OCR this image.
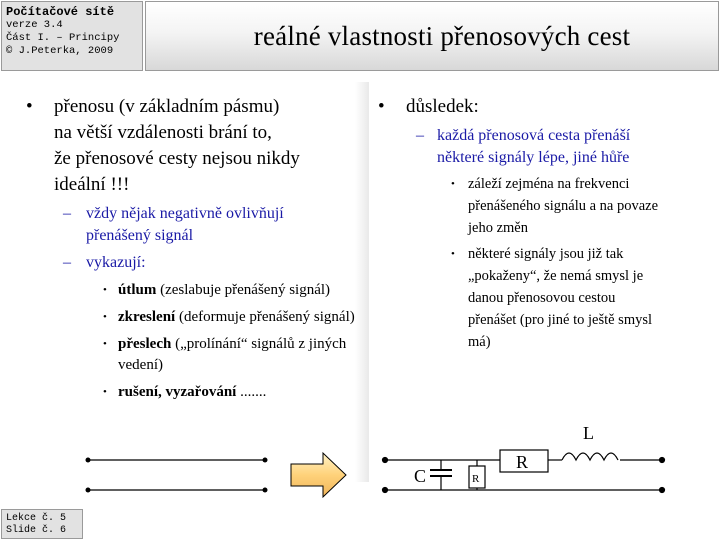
Počítačové sítě
verze 3.4
Část I. – Principy
© J.Peterka, 2009
reálné vlastnosti přenosových cest
• přenosu (v základním pásmu)
na větší vzdálenosti brání to,
že přenosové cesty nejsou nikdy
ideální !!!
– vždy nějak negativně ovlivňují
přenášený signál
– vykazují:
• útlum (zeslabuje přenášený signál)
• zkreslení (deformuje přenášený signál)
• přeslech („prolínání“ signálů z jiných vedení)
• rušení, vyzařování .......
• důsledek:
– každá přenosová cesta přenáší
některé signály lépe, jiné hůře
• záleží zejména na frekvenci
přenášeného signálu a na povaze
jeho změn
• některé signály jsou již tak
„pokaženy“, že nemá smysl je
danou přenosovou cestou
přenášet (pro jiné to ještě smysl
má)
C	R
R
L
Lekce č. 5
Slide č. 6
